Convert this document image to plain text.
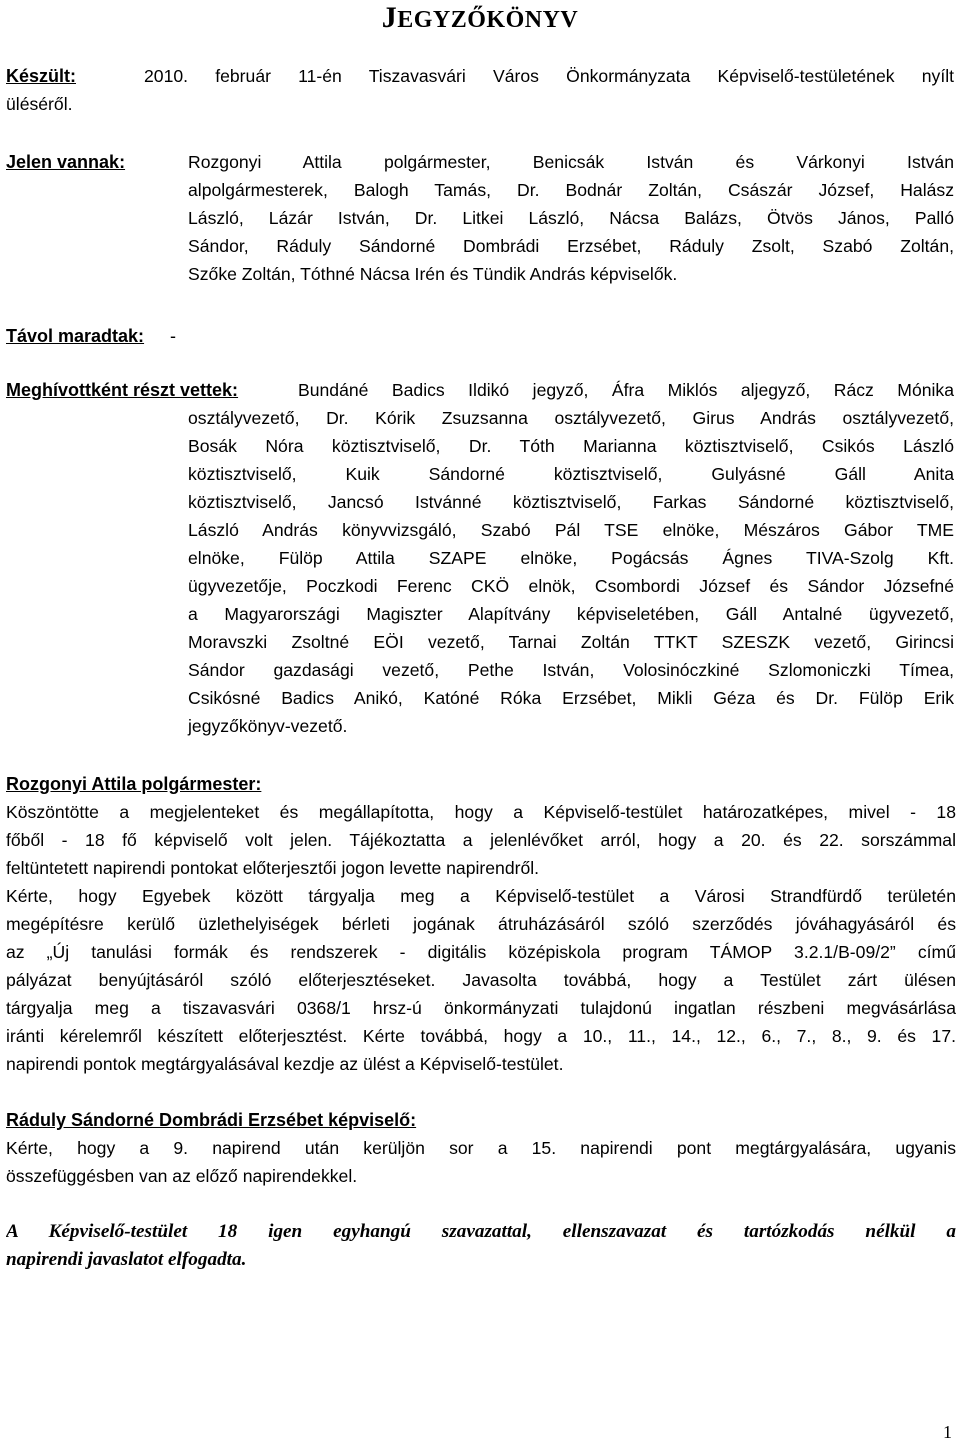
JEGYZŐKÖNYV
Készült:	2010. február 11-én Tiszavasvári Város Önkormányzata Képviselő-testületének nyílt
üléséről.
Jelen vannak:	Rozgonyi Attila polgármester, Benicsák István és Várkonyi István
alpolgármesterek, Balogh Tamás, Dr. Bodnár Zoltán, Császár József, Halász
László, Lázár István, Dr. Litkei László, Nácsa Balázs, Ötvös János, Palló
Sándor, Ráduly Sándorné Dombrádi Erzsébet, Ráduly Zsolt, Szabó Zoltán,
Szőke Zoltán, Tóthné Nácsa Irén és Tündik András képviselők.
Távol maradtak: -
Meghívottként részt vettek:	Bundáné Badics Ildikó jegyző, Áfra Miklós aljegyző, Rácz Mónika
osztályvezető, Dr. Kórik Zsuzsanna osztályvezető, Girus András osztályvezető,
Bosák Nóra köztisztviselő, Dr. Tóth Marianna köztisztviselő, Csikós László
köztisztviselő, Kuik Sándorné köztisztviselő, Gulyásné Gáll Anita
köztisztviselő, Jancsó Istvánné köztisztviselő, Farkas Sándorné köztisztviselő,
László András könyvvizsgáló, Szabó Pál TSE elnöke, Mészáros Gábor TME
elnöke, Fülöp Attila SZAPE elnöke, Pogácsás Ágnes TIVA-Szolg Kft.
ügyvezetője, Poczkodi Ferenc CKÖ elnök, Csombordi József és Sándor Józsefné
a Magyarországi Magiszter Alapítvány képviseletében, Gáll Antalné ügyvezető,
Moravszki Zsoltné EÖI vezető, Tarnai Zoltán TTKT SZESZK vezető, Girincsi
Sándor gazdasági vezető, Pethe István, Volosinóczkiné Szlomoniczki Tímea,
Csikósné Badics Anikó, Katóné Róka Erzsébet, Mikli Géza és Dr. Fülöp Erik
jegyzőkönyv-vezető.
Rozgonyi Attila polgármester:
Köszöntötte a megjelenteket és megállapította, hogy a Képviselő-testület határozatképes, mivel - 18
főből - 18 fő képviselő volt jelen. Tájékoztatta a jelenlévőket arról, hogy a 20. és 22. sorszámmal
feltüntetett napirendi pontokat előterjesztői jogon levette napirendről.
Kérte, hogy Egyebek között tárgyalja meg a Képviselő-testület a Városi Strandfürdő területén
megépítésre kerülő üzlethelyiségek bérleti jogának átruházásáról szóló szerződés jóváhagyásáról és
az „Új tanulási formák és rendszerek - digitális középiskola program TÁMOP 3.2.1/B-09/2” című
pályázat benyújtásáról szóló előterjesztéseket. Javasolta továbbá, hogy a Testület zárt ülésen
tárgyalja meg a tiszavasvári 0368/1 hrsz-ú önkormányzati tulajdonú ingatlan részbeni megvásárlása
iránti kérelemről készített előterjesztést. Kérte továbbá, hogy a 10., 11., 14., 12., 6., 7., 8., 9. és 17.
napirendi pontok megtárgyalásával kezdje az ülést a Képviselő-testület.
Ráduly Sándorné Dombrádi Erzsébet képviselő:
Kérte, hogy a 9. napirend után kerüljön sor a 15. napirendi pont megtárgyalására, ugyanis
összefüggésben van az előző napirendekkel.
A Képviselő-testület 18 igen egyhangú szavazattal, ellenszavazat és tartózkodás nélkül a
napirendi javaslatot elfogadta.
1
